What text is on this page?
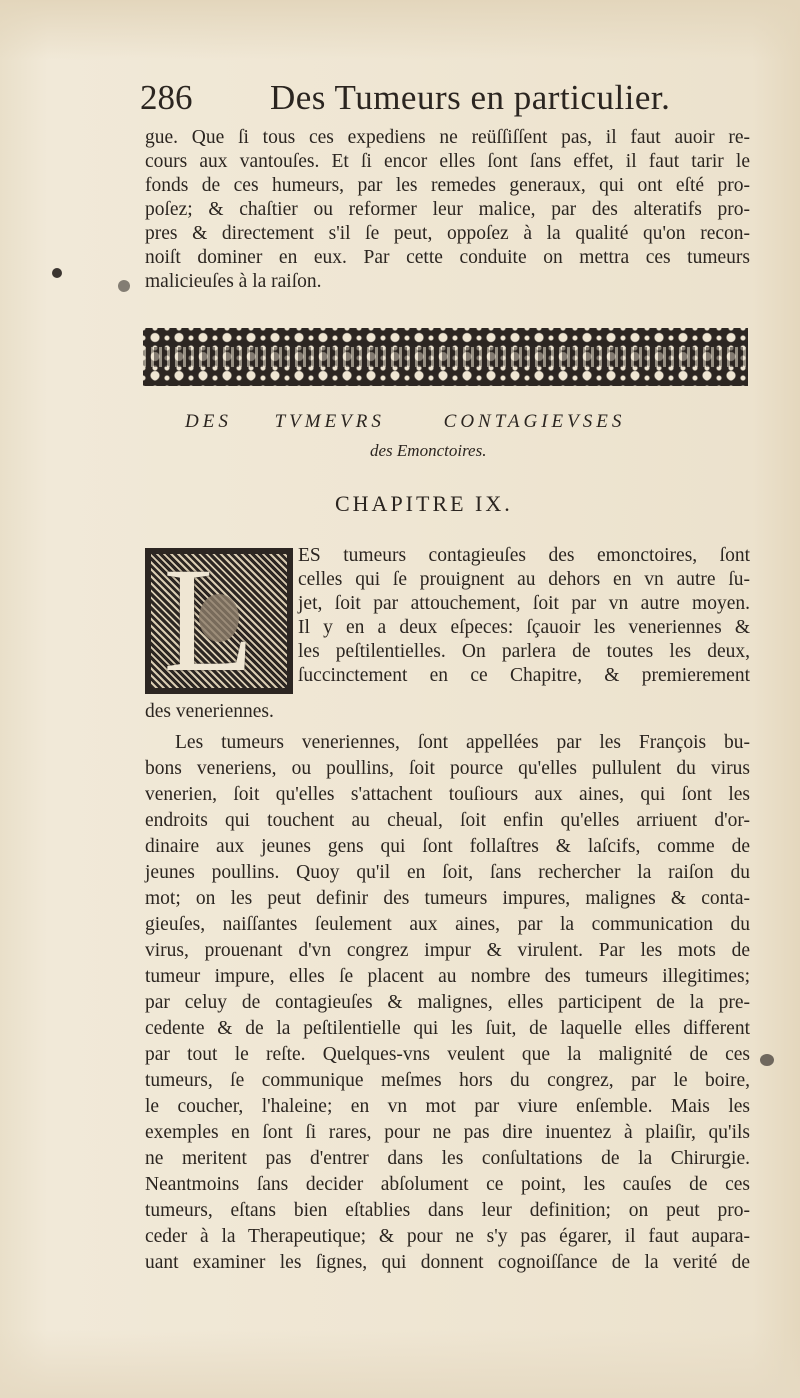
286 Des Tumeurs en particulier.
gue. Que ſi tous ces expediens ne reüſſiſſent pas, il faut auoir re-
cours aux vantouſes. Et ſi encor elles ſont ſans effet, il faut tarir le
fonds de ces humeurs, par les remedes generaux, qui ont eſté pro-
poſez; & chaſtier ou reformer leur malice, par des alteratifs pro-
pres & directement s'il ſe peut, oppoſez à la qualité qu'on recon-
noiſt dominer en eux. Par cette conduite on mettra ces tumeurs
malicieuſes à la raiſon.
DES TVMEVRS	CONTAGIEVSES
des Emonctoires.
CHAPITRE IX.
L	ES tumeurs contagieuſes des emonctoires, ſont
celles qui ſe prouignent au dehors en vn autre ſu-
jet, ſoit par attouchement, ſoit par vn autre moyen.
Il y en a deux eſpeces: ſçauoir les veneriennes &
les peſtilentielles. On parlera de toutes les deux,
ſuccinctement en ce Chapitre, & premierement
des veneriennes.
Les tumeurs veneriennes, ſont appellées par les François bu-
bons veneriens, ou poullins, ſoit pource qu'elles pullulent du virus
venerien, ſoit qu'elles s'attachent touſiours aux aines, qui ſont les
endroits qui touchent au cheual, ſoit enfin qu'elles arriuent d'or-
dinaire aux jeunes gens qui ſont follaſtres & laſcifs, comme de
jeunes poullins. Quoy qu'il en ſoit, ſans rechercher la raiſon du
mot; on les peut definir des tumeurs impures, malignes & conta-
gieuſes, naiſſantes ſeulement aux aines, par la communication du
virus, prouenant d'vn congrez impur & virulent. Par les mots de
tumeur impure, elles ſe placent au nombre des tumeurs illegitimes;
par celuy de contagieuſes & malignes, elles participent de la pre-
cedente & de la peſtilentielle qui les ſuit, de laquelle elles different
par tout le reſte. Quelques-vns veulent que la malignité de ces
tumeurs, ſe communique meſmes hors du congrez, par le boire,
le coucher, l'haleine; en vn mot par viure enſemble. Mais les
exemples en ſont ſi rares, pour ne pas dire inuentez à plaiſir, qu'ils
ne meritent pas d'entrer dans les conſultations de la Chirurgie.
Neantmoins ſans decider abſolument ce point, les cauſes de ces
tumeurs, eſtans bien eſtablies dans leur definition; on peut pro-
ceder à la Therapeutique; & pour ne s'y pas égarer, il faut aupara-
uant examiner les ſignes, qui donnent cognoiſſance de la verité de
